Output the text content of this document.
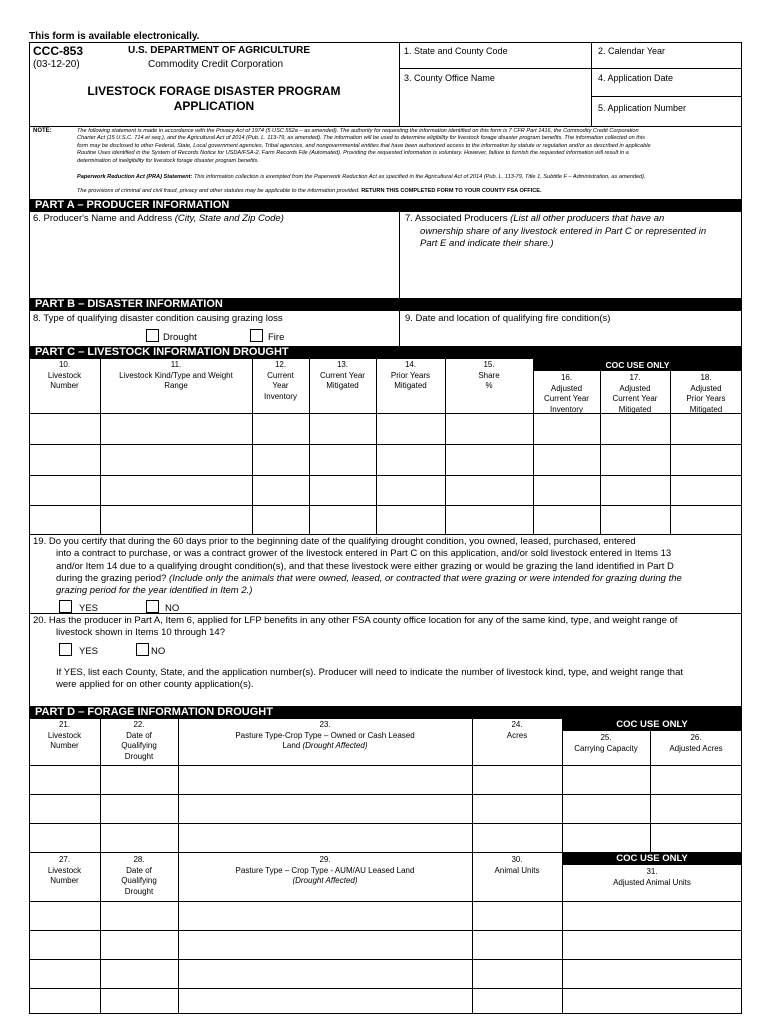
This form is available electronically.
CCC-853
(03-12-20)
U.S. DEPARTMENT OF AGRICULTURE
Commodity Credit Corporation
LIVESTOCK FORAGE DISASTER PROGRAM
APPLICATION
1. State and County Code	2. Calendar Year
3. County Office Name	4. Application Date
5. Application Number
NOTE:	The following statement is made in accordance with the Privacy Act of 1974 (5 USC 552a – as amended). The authority for requesting the information identified on this form is 7 CFR Part 1416, the Commodity Credit Corporation
Charter Act (15 U.S.C. 714 et seq.), and the Agricultural Act of 2014 (Pub. L. 113-79, as amended). The information will be used to determine eligibility for livestock forage disaster program benefits. The information collected on this
form may be disclosed to other Federal, State, Local government agencies, Tribal agencies, and nongovernmental entities that have been authorized access to the information by statute or regulation and/or as described in applicable
Routine Uses identified in the System of Records Notice for USDA/FSA-2, Farm Records File (Automated). Providing the requested information is voluntary. However, failure to furnish the requested information will result in a
determination of ineligibility for livestock forage disaster program benefits.
Paperwork Reduction Act (PRA) Statement: This information collection is exempted from the Paperwork Reduction Act as specified in the Agricultural Act of 2014 (Pub. L. 113-79, Title 1, Subtitle F – Administration, as amended).
The provisions of criminal and civil fraud, privacy and other statutes may be applicable to the information provided. RETURN THIS COMPLETED FORM TO YOUR COUNTY FSA OFFICE.
PART A – PRODUCER INFORMATION
6. Producer's Name and Address (City, State and Zip Code)	7. Associated Producers (List all other producers that have an
ownership share of any livestock entered in Part C or represented in
Part E and indicate their share.)
PART B – DISASTER INFORMATION
8. Type of qualifying disaster condition causing grazing loss
Drought	Fire
9. Date and location of qualifying fire condition(s)
PART C – LIVESTOCK INFORMATION DROUGHT
COC USE ONLY
10.
Livestock
Number
11.
Livestock Kind/Type and Weight
Range
12.
Current
Year
Inventory
13.
Current Year
Mitigated
14.
Prior Years
Mitigated
15.
Share
%
16.
Adjusted
Current Year
Inventory
17.
Adjusted
Current Year
Mitigated
18.
Adjusted
Prior Years
Mitigated
19. Do you certify that during the 60 days prior to the beginning date of the qualifying drought condition, you owned, leased, purchased, entered
into a contract to purchase, or was a contract grower of the livestock entered in Part C on this application, and/or sold livestock entered in Items 13
and/or Item 14 due to a qualifying drought condition(s), and that these livestock were either grazing or would be grazing the land identified in Part D
during the grazing period? (Include only the animals that were owned, leased, or contracted that were grazing or were intended for grazing during the
grazing period for the year identified in Item 2.)
YES	NO
20. Has the producer in Part A, Item 6, applied for LFP benefits in any other FSA county office location for any of the same kind, type, and weight range of
livestock shown in Items 10 through 14?
YES	NO
If YES, list each County, State, and the application number(s). Producer will need to indicate the number of livestock kind, type, and weight range that
were applied for on other county application(s).
PART D – FORAGE INFORMATION DROUGHT
COC USE ONLY
21.
Livestock
Number
22.
Date of
Qualifying
Drought
23.
Pasture Type-Crop Type – Owned or Cash Leased
Land (Drought Affected)
24.
Acres	25.
Carrying Capacity
26.
Adjusted Acres
COC USE ONLY
27.
Livestock
Number
28.
Date of
Qualifying
Drought
29.
Pasture Type – Crop Type - AUM/AU Leased Land
(Drought Affected)
30.
Animal Units	31.
Adjusted Animal Units
